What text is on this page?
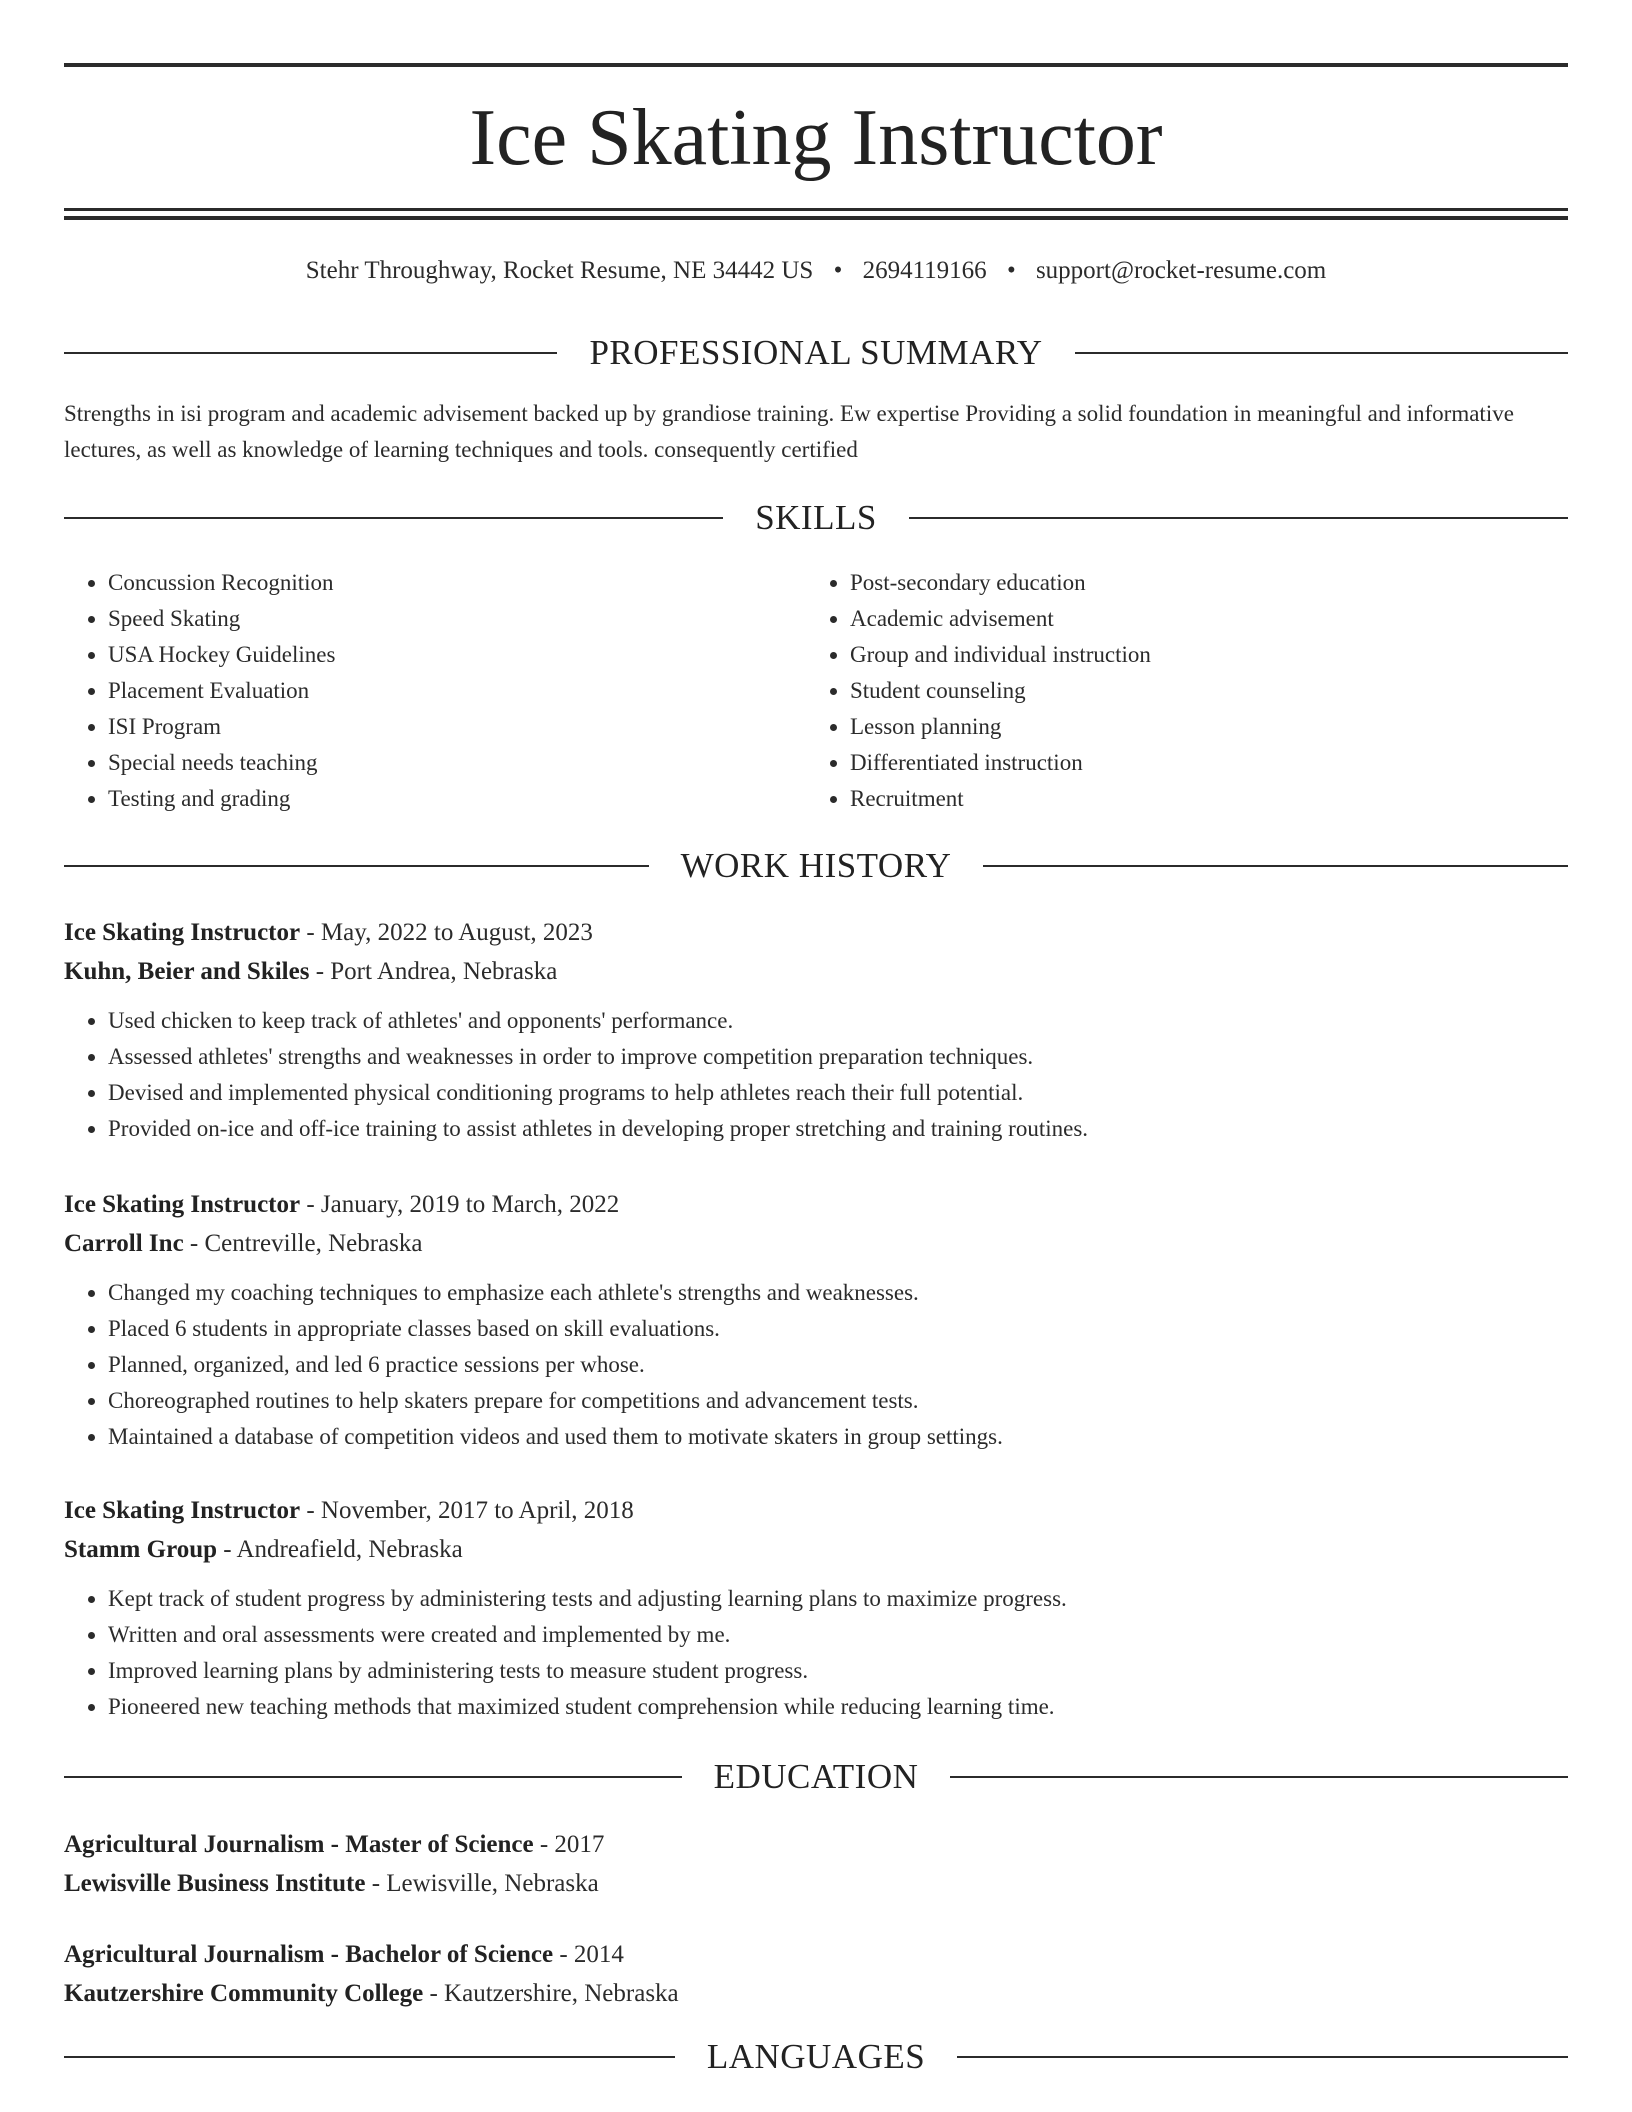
Ice Skating Instructor
Stehr Throughway, Rocket Resume, NE 34442 US • 2694119166 • support@rocket-resume.com
PROFESSIONAL SUMMARY

Strengths in isi program and academic advisement backed up by grandiose training. Ew expertise Providing a solid foundation in meaningful and informative lectures, as well as knowledge of learning techniques and tools. consequently certified

SKILLS
• Concussion Recognition
• Speed Skating
• USA Hockey Guidelines
• Placement Evaluation
• ISI Program
• Special needs teaching
• Testing and grading
• Post-secondary education
• Academic advisement
• Group and individual instruction
• Student counseling
• Lesson planning
• Differentiated instruction
• Recruitment
WORK HISTORY

Ice Skating Instructor - May, 2022 to August, 2023

Kuhn, Beier and Skiles - Port Andrea, Nebraska

• Used chicken to keep track of athletes' and opponents' performance.
• Assessed athletes' strengths and weaknesses in order to improve competition preparation techniques.
• Devised and implemented physical conditioning programs to help athletes reach their full potential.
• Provided on-ice and off-ice training to assist athletes in developing proper stretching and training routines.

Ice Skating Instructor - January, 2019 to March, 2022

Carroll Inc - Centreville, Nebraska

• Changed my coaching techniques to emphasize each athlete's strengths and weaknesses.
• Placed 6 students in appropriate classes based on skill evaluations.
• Planned, organized, and led 6 practice sessions per whose.
• Choreographed routines to help skaters prepare for competitions and advancement tests.
• Maintained a database of competition videos and used them to motivate skaters in group settings.

Ice Skating Instructor - November, 2017 to April, 2018

Stamm Group - Andreafield, Nebraska

• Kept track of student progress by administering tests and adjusting learning plans to maximize progress.
• Written and oral assessments were created and implemented by me.
• Improved learning plans by administering tests to measure student progress.
• Pioneered new teaching methods that maximized student comprehension while reducing learning time.
EDUCATION

Agricultural Journalism - Master of Science - 2017

Lewisville Business Institute - Lewisville, Nebraska

Agricultural Journalism - Bachelor of Science - 2014

Kautzershire Community College - Kautzershire, Nebraska

LANGUAGES
